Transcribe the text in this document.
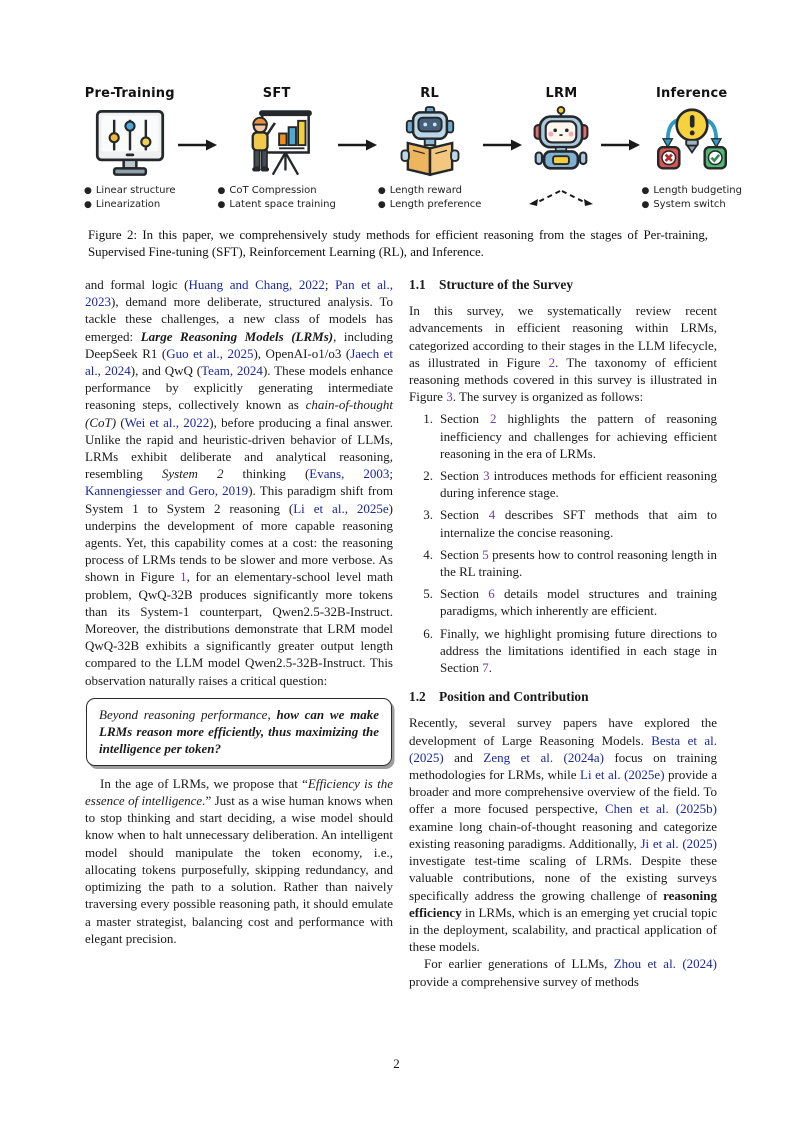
Pre-Training
● Linear structure
● Linearization
SFT
● CoT Compression
● Latent space training
RL
● Length reward
● Length preference
LRM	Inference
● Length budgeting
● System switch
Figure 2: In this paper, we comprehensively study methods for efficient reasoning from the stages of Per-training, Supervised Fine-tuning (SFT), Reinforcement Learning (RL), and Inference.

and formal logic (Huang and Chang, 2022; Pan et al., 2023), demand more deliberate, structured analysis. To tackle these challenges, a new class of models has emerged: Large Reasoning Models (LRMs), including DeepSeek R1 (Guo et al., 2025), OpenAI-o1/o3 (Jaech et al., 2024), and QwQ (Team, 2024). These models enhance performance by explicitly generating intermediate reasoning steps, collectively known as chain-of-thought (CoT) (Wei et al., 2022), before producing a final answer. Unlike the rapid and heuristic-driven behavior of LLMs, LRMs exhibit deliberate and analytical reasoning, resembling System 2 thinking (Evans, 2003; Kannengiesser and Gero, 2019). This paradigm shift from System 1 to System 2 reasoning (Li et al., 2025e) underpins the development of more capable reasoning agents. Yet, this capability comes at a cost: the reasoning process of LRMs tends to be slower and more verbose. As shown in Figure 1, for an elementary-school level math problem, QwQ-32B produces significantly more tokens than its System-1 counterpart, Qwen2.5-32B-Instruct. Moreover, the distributions demonstrate that LRM model QwQ-32B exhibits a significantly greater output length compared to the LLM model Qwen2.5-32B-Instruct. This observation naturally raises a critical question:

Beyond reasoning performance, how can we make LRMs reason more efficiently, thus maximizing the intelligence per token?

In the age of LRMs, we propose that “Efficiency is the essence of intelligence.” Just as a wise human knows when to stop thinking and start deciding, a wise model should know when to halt unnecessary deliberation. An intelligent model should manipulate the token economy, i.e., allocating tokens purposefully, skipping redundancy, and optimizing the path to a solution. Rather than naively traversing every possible reasoning path, it should emulate a master strategist, balancing cost and performance with elegant precision.

1.1 Structure of the Survey

In this survey, we systematically review recent advancements in efficient reasoning within LRMs, categorized according to their stages in the LLM lifecycle, as illustrated in Figure 2. The taxonomy of efficient reasoning methods covered in this survey is illustrated in Figure 3. The survey is organized as follows:

1. Section 2 highlights the pattern of reasoning inefficiency and challenges for achieving efficient reasoning in the era of LRMs.
2. Section 3 introduces methods for efficient reasoning during inference stage.
3. Section 4 describes SFT methods that aim to internalize the concise reasoning.
4. Section 5 presents how to control reasoning length in the RL training.
5. Section 6 details model structures and training paradigms, which inherently are efficient.
6. Finally, we highlight promising future directions to address the limitations identified in each stage in Section 7.
1.2 Position and Contribution

Recently, several survey papers have explored the development of Large Reasoning Models. Besta et al. (2025) and Zeng et al. (2024a) focus on training methodologies for LRMs, while Li et al. (2025e) provide a broader and more comprehensive overview of the field. To offer a more focused perspective, Chen et al. (2025b) examine long chain-of-thought reasoning and categorize existing reasoning paradigms. Additionally, Ji et al. (2025) investigate test-time scaling of LRMs. Despite these valuable contributions, none of the existing surveys specifically address the growing challenge of reasoning efficiency in LRMs, which is an emerging yet crucial topic in the deployment, scalability, and practical application of these models.

For earlier generations of LLMs, Zhou et al. (2024) provide a comprehensive survey of methods

2
